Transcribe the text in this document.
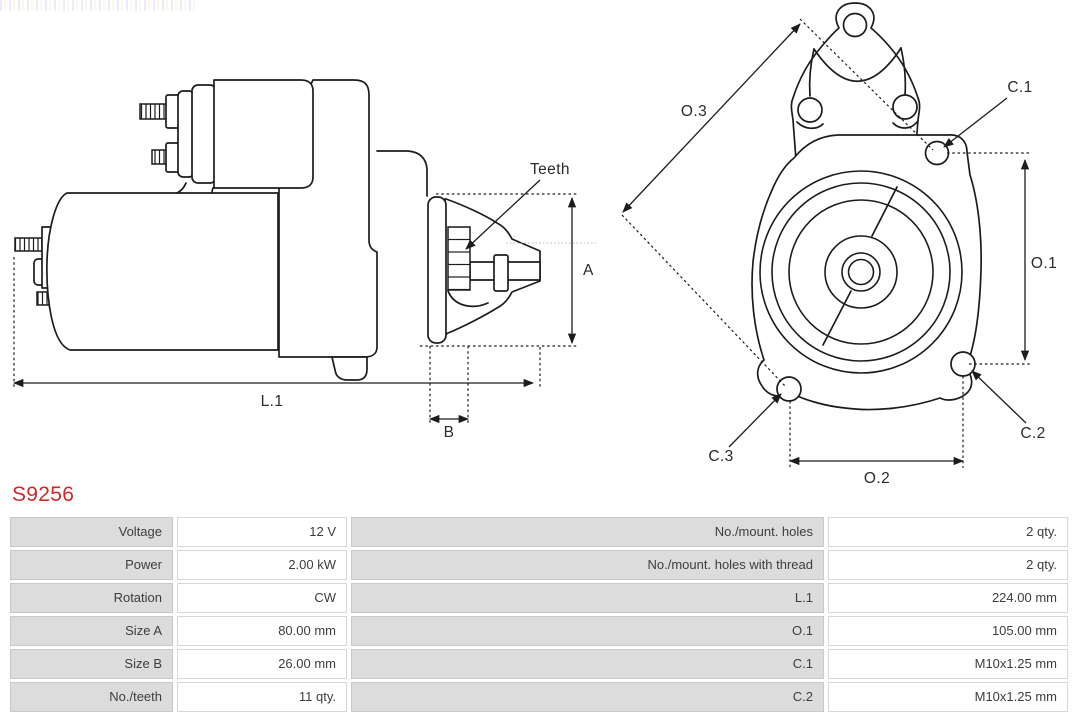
L.1
B
A
Teeth
O.3
C.1
O.1
C.2
C.3
O.2
S9256
Voltage	12 V	No./mount. holes	2 qty.
Power	2.00 kW	No./mount. holes with thread	2 qty.
Rotation	CW	L.1	224.00 mm
Size A	80.00 mm	O.1	105.00 mm
Size B	26.00 mm	C.1	M10x1.25 mm
No./teeth	11 qty.	C.2	M10x1.25 mm
